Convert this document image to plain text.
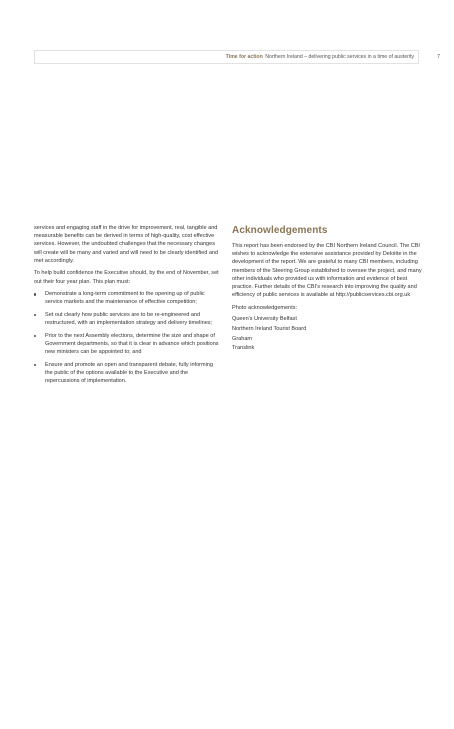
Time for action Northern Ireland – delivering public services in a time of austerity	7

services and engaging staff in the drive for improvement, real, tangible and measurable benefits can be derived in terms of high-quality, cost effective services. However, the undoubted challenges that the necessary changes will create will be many and varied and will need to be clearly identified and met accordingly.

To help build confidence the Executive should, by the end of November, set out their four year plan. This plan must:

Demonstrate a long-term commitment to the opening up of public service markets and the maintenance of effective competition;
Set out clearly how public services are to be re-engineered and restructured, with an implementation strategy and delivery timelines;
Prior to the next Assembly elections, determine the size and shape of Government departments, so that it is clear in advance which positions new ministers can be appointed to; and
Ensure and promote an open and transparent debate, fully informing the public of the options available to the Executive and the repercussions of implementation.
Acknowledgements

This report has been endorsed by the CBI Northern Ireland Council. The CBI wishes to acknowledge the extensive assistance provided by Deloitte in the development of the report. We are grateful to many CBI members, including members of the Steering Group established to oversee the project, and many other individuals who provided us with information and evidence of best practice. Further details of the CBI's research into improving the quality and efficiency of public services is available at http://publicservices.cbi.org.uk

Photo acknowledgements:

Queen's University Belfast
Northern Ireland Tourist Board
Graham
Translink
